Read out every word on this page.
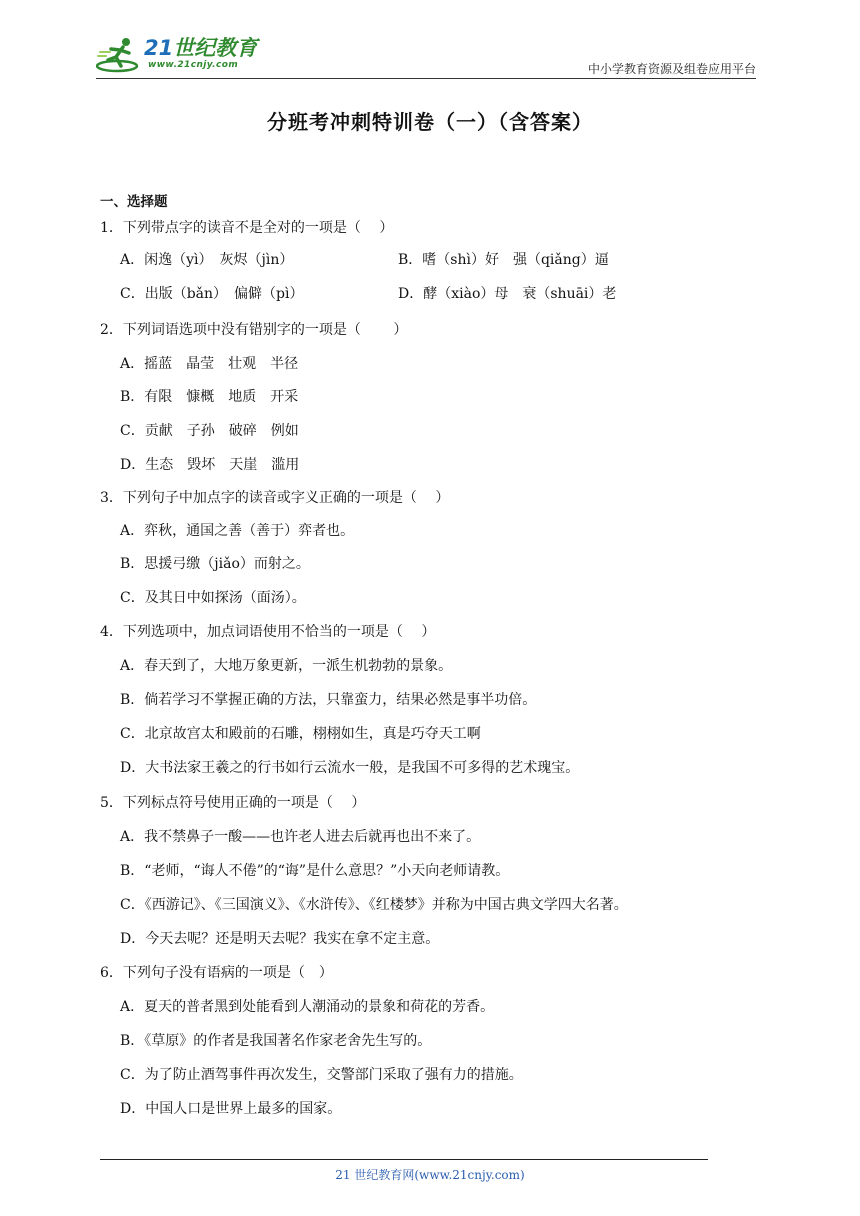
21世纪教育
www.21cnjy.com	中小学教育资源及组卷应用平台
分班考冲刺特训卷（一）（含答案）
一、选择题
1．下列带点字的读音不是全对的一项是（　 ）
A．闲逸（yì）　灰烬（jìn）	B．嗜（shì）好　强（qiǎng）逼
C．出版（bǎn）　偏僻（pì）	D．酵（xiào）母　衰（shuāi）老
2．下列词语选项中没有错别字的一项是（　　 ）
A．摇蓝　晶莹　壮观　半径
B．有限　慷概　地质　开采
C．贡献　子孙　破碎　例如
D．生态　毁坏　天崖　滥用
3．下列句子中加点字的读音或字义正确的一项是（　 ）
A．弈秋，通国之善（善于）弈者也。
B．思援弓缴（jiǎo）而射之。
C．及其日中如探汤（面汤）。
4．下列选项中，加点词语使用不恰当的一项是（　 ）
A．春天到了，大地万象更新，一派生机勃勃的景象。
B．倘若学习不掌握正确的方法，只靠蛮力，结果必然是事半功倍。
C．北京故宫太和殿前的石雕，栩栩如生，真是巧夺天工啊
D．大书法家王羲之的行书如行云流水一般，是我国不可多得的艺术瑰宝。
5．下列标点符号使用正确的一项是（　 ）
A．我不禁鼻子一酸——也许老人进去后就再也出不来了。
B．“老师，“诲人不倦”的“诲”是什么意思？”小天向老师请教。
C．《西游记》、《三国演义》、《水浒传》、《红楼梦》并称为中国古典文学四大名著。
D．今天去呢？还是明天去呢？我实在拿不定主意。
6．下列句子没有语病的一项是（　）
A．夏天的普者黑到处能看到人潮涌动的景象和荷花的芳香。
B．《草原》的作者是我国著名作家老舍先生写的。
C．为了防止酒驾事件再次发生，交警部门采取了强有力的措施。
D．中国人口是世界上最多的国家。
21 世纪教育网(www.21cnjy.com)
